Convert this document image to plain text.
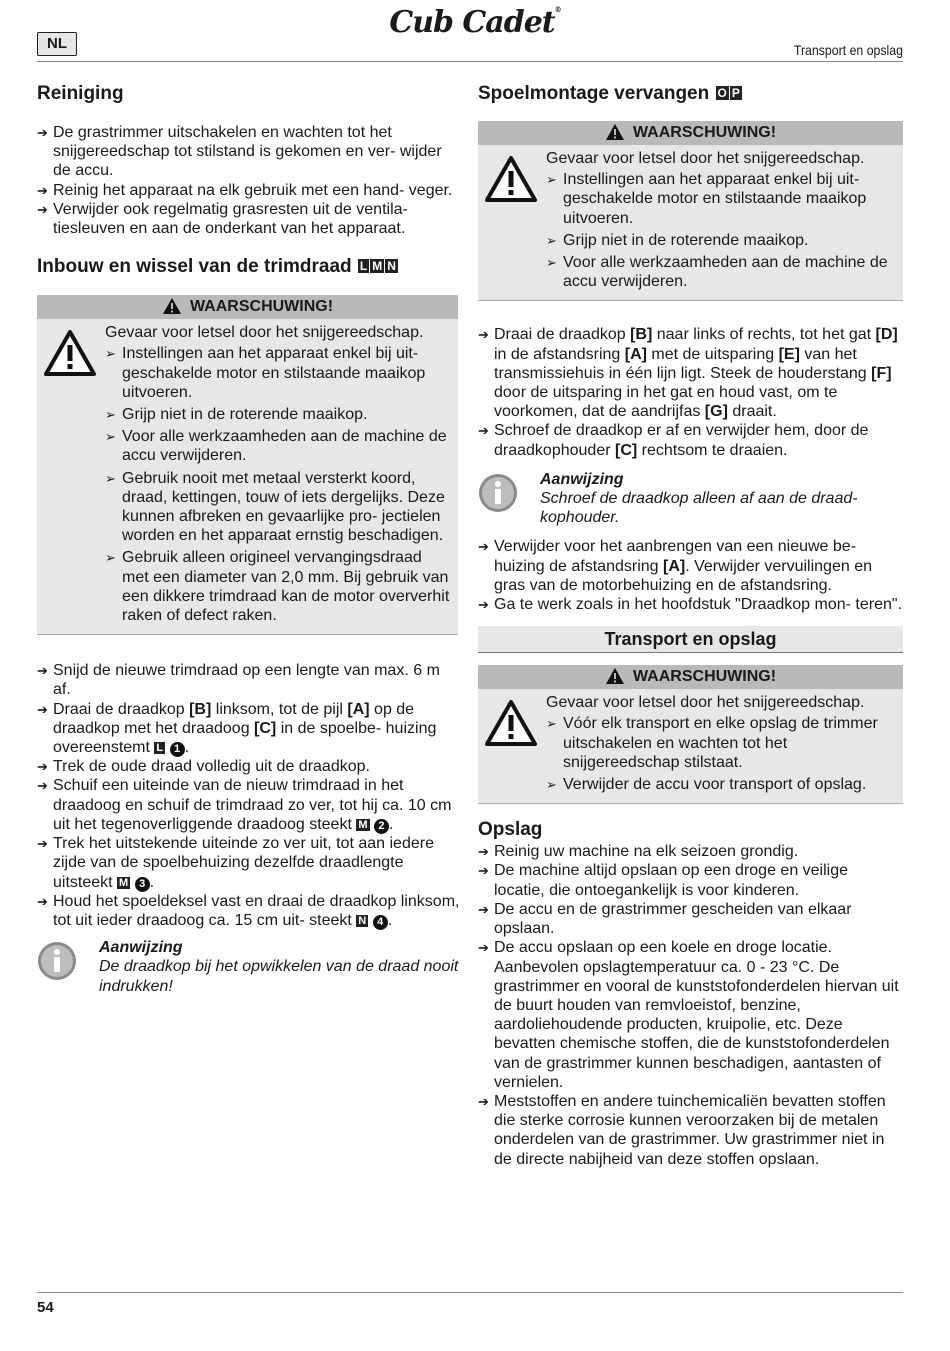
NL
Cub Cadet®
Transport en opslag
Reiniging
➔ De grastrimmer uitschakelen en wachten tot het snijgereedschap tot stilstand is gekomen en ver- wijder de accu.
➔ Reinig het apparaat na elk gebruik met een hand- veger.
➔ Verwijder ook regelmatig grasresten uit de ventila- tiesleuven en aan de onderkant van het apparaat.
Inbouw en wissel van de trimdraad L M N
WAARSCHUWING!
Gevaar voor letsel door het snijgereedschap.
➢ Instellingen aan het apparaat enkel bij uit- geschakelde motor en stilstaande maaikop uitvoeren.
➢ Grijp niet in de roterende maaikop.
➢ Voor alle werkzaamheden aan de machine de accu verwijderen.
➢ Gebruik nooit met metaal versterkt koord, draad, kettingen, touw of iets dergelijks. Deze kunnen afbreken en gevaarlijke pro- jectielen worden en het apparaat ernstig beschadigen.
➢ Gebruik alleen origineel vervangingsdraad met een diameter van 2,0 mm. Bij gebruik van een dikkere trimdraad kan de motor oververhit raken of defect raken.
➔ Snijd de nieuwe trimdraad op een lengte van max. 6 m af.
➔ Draai de draadkop [B] linksom, tot de pijl [A] op de draadkop met het draadoog [C] in de spoelbe- huizing overeenstemt L 1 .
➔ Trek de oude draad volledig uit de draadkop.
➔ Schuif een uiteinde van de nieuw trimdraad in het draadoog en schuif de trimdraad zo ver, tot hij ca. 10 cm uit het tegenoverliggende draadoog steekt M 2 .
➔ Trek het uitstekende uiteinde zo ver uit, tot aan iedere zijde van de spoelbehuizing dezelfde draadlengte uitsteekt M 3 .
➔ Houd het spoeldeksel vast en draai de draadkop linksom, tot uit ieder draadoog ca. 15 cm uit- steekt N 4 .
Aanwijzing
De draadkop bij het opwikkelen van de draad nooit indrukken!
Spoelmontage vervangen O P
WAARSCHUWING!
Gevaar voor letsel door het snijgereedschap.
➢ Instellingen aan het apparaat enkel bij uit- geschakelde motor en stilstaande maaikop uitvoeren.
➢ Grijp niet in de roterende maaikop.
➢ Voor alle werkzaamheden aan de machine de accu verwijderen.
➔ Draai de draadkop [B] naar links of rechts, tot het gat [D] in de afstandsring [A] met de uitsparing [E] van het transmissiehuis in één lijn ligt. Steek de houderstang [F] door de uitsparing in het gat en houd vast, om te voorkomen, dat de aandrijfas [G] draait.
➔ Schroef de draadkop er af en verwijder hem, door de draadkophouder [C] rechtsom te draaien.
Aanwijzing
Schroef de draadkop alleen af aan de draad- kophouder.
➔ Verwijder voor het aanbrengen van een nieuwe be- huizing de afstandsring [A]. Verwijder vervuilingen en gras van de motorbehuizing en de afstandsring.
➔ Ga te werk zoals in het hoofdstuk "Draadkop mon- teren".
Transport en opslag
WAARSCHUWING!
Gevaar voor letsel door het snijgereedschap.
➢ Vóór elk transport en elke opslag de trimmer uitschakelen en wachten tot het snijgereedschap stilstaat.
➢ Verwijder de accu voor transport of opslag.
Opslag
➔ Reinig uw machine na elk seizoen grondig.
➔ De machine altijd opslaan op een droge en veilige locatie, die ontoegankelijk is voor kinderen.
➔ De accu en de grastrimmer gescheiden van elkaar opslaan.
➔ De accu opslaan op een koele en droge locatie. Aanbevolen opslagtemperatuur ca. 0 - 23 °C. De grastrimmer en vooral de kunststofonderdelen hiervan uit de buurt houden van remvloeistof, benzine, aardoliehoudende producten, kruipolie, etc. Deze bevatten chemische stoffen, die de kunststofonderdelen van de grastrimmer kunnen beschadigen, aantasten of vernielen.
➔ Meststoffen en andere tuinchemicaliën bevatten stoffen die sterke corrosie kunnen veroorzaken bij de metalen onderdelen van de grastrimmer. Uw grastrimmer niet in de directe nabijheid van deze stoffen opslaan.
54
